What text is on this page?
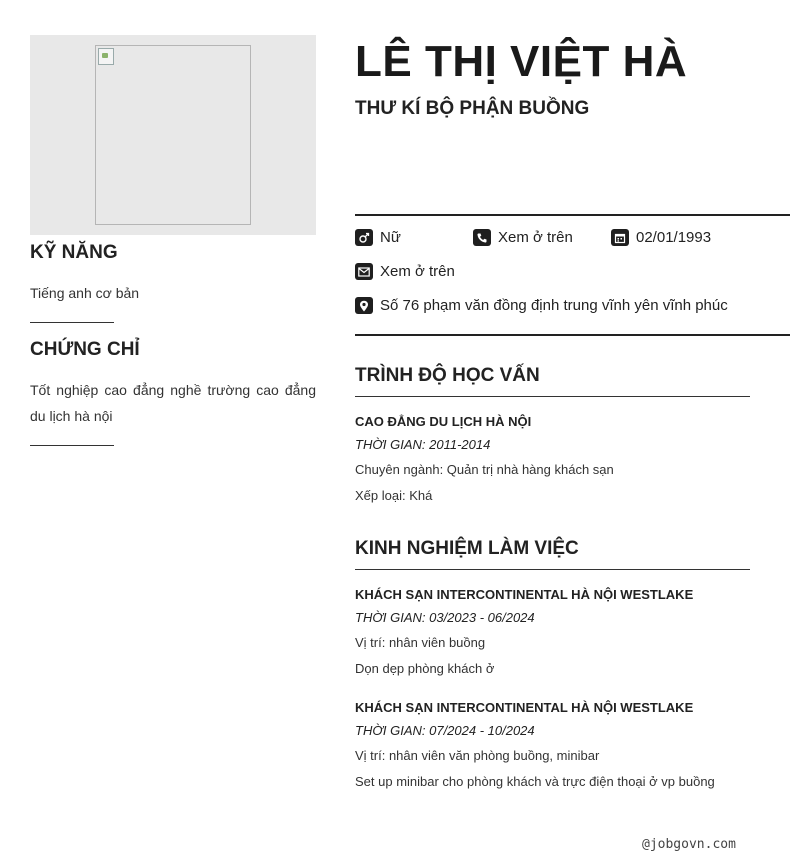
KỸ NĂNG
Tiếng anh cơ bản
CHỨNG CHỈ
Tốt nghiệp cao đẳng nghề trường cao đẳng du lịch hà nội
LÊ THỊ VIỆT HÀ
THƯ KÍ BỘ PHẬN BUỒNG
Nữ	Xem ở trên	02/01/1993
Xem ở trên
Số 76 phạm văn đồng định trung vĩnh yên vĩnh phúc
TRÌNH ĐỘ HỌC VẤN
CAO ĐẲNG DU LỊCH HÀ NỘI
THỜI GIAN: 2011-2014
Chuyên ngành: Quản trị nhà hàng khách sạn
Xếp loại: Khá
KINH NGHIỆM LÀM VIỆC
KHÁCH SẠN INTERCONTINENTAL HÀ NỘI WESTLAKE
THỜI GIAN: 03/2023 - 06/2024
Vị trí: nhân viên buồng
Dọn dẹp phòng khách ở
KHÁCH SẠN INTERCONTINENTAL HÀ NỘI WESTLAKE
THỜI GIAN: 07/2024 - 10/2024
Vị trí: nhân viên văn phòng buồng, minibar
Set up minibar cho phòng khách và trực điện thoại ở vp buồng
@jobgovn.com
